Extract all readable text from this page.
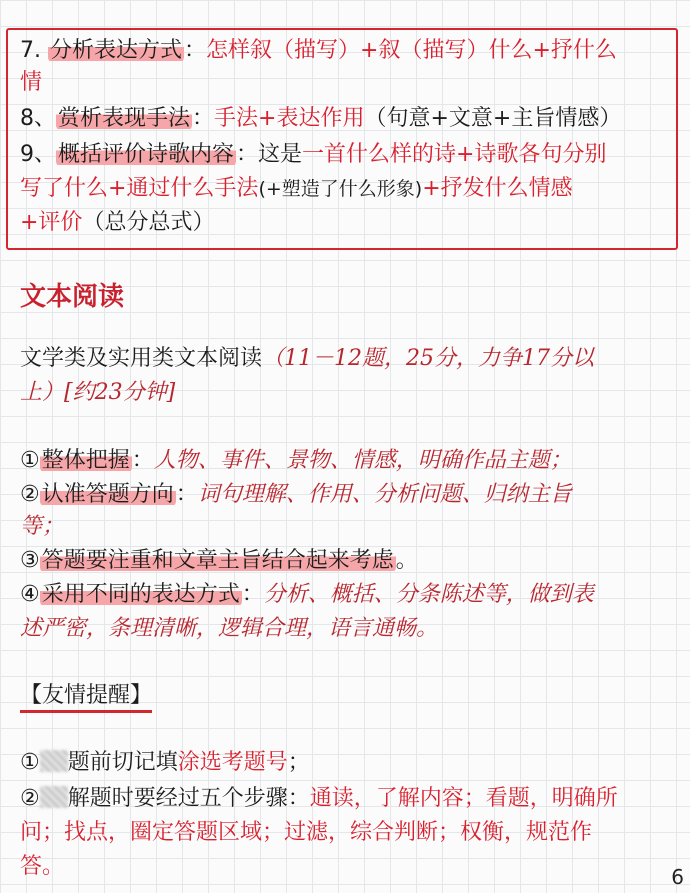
7. 分析表达方式：怎样叙（描写）+叙（描写）什么+抒什么
情
8、赏析表现手法：手法+表达作用（句意+文意+主旨情感）
9、概括评价诗歌内容：这是一首什么样的诗+诗歌各句分别
写了什么+通过什么手法(+塑造了什么形象)+抒发什么情感
+评价（总分总式）
文本阅读
文学类及实用类文本阅读（11－12题，25分，力争17分以
上）[约23分钟]
①整体把握：人物、事件、景物、情感，明确作品主题；
②认准答题方向：词句理解、作用、分析问题、归纳主旨
等；
③答题要注重和文章主旨结合起来考虑。
④采用不同的表达方式：分析、概括、分条陈述等，做到表
述严密，条理清晰，逻辑合理，语言通畅。
【友情提醒】
① 题前切记填涂选考题号；
② 解题时要经过五个步骤：通读，了解内容；看题，明确所
问；找点，圈定答题区域；过滤，综合判断；权衡，规范作
答。	6
